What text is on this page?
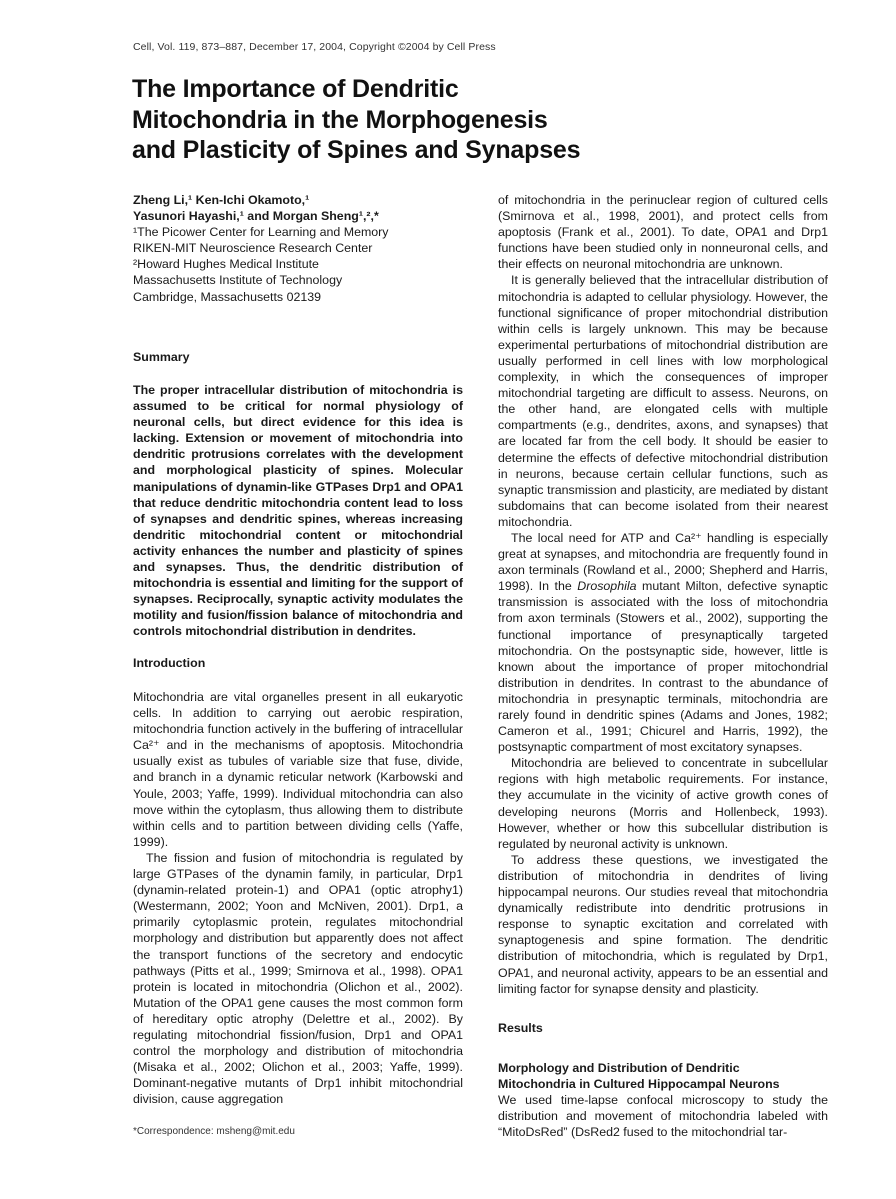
Cell, Vol. 119, 873–887, December 17, 2004, Copyright ©2004 by Cell Press
The Importance of Dendritic
Mitochondria in the Morphogenesis
and Plasticity of Spines and Synapses
Zheng Li,¹ Ken-Ichi Okamoto,¹
Yasunori Hayashi,¹ and Morgan Sheng¹,²,*
¹The Picower Center for Learning and Memory
RIKEN-MIT Neuroscience Research Center
²Howard Hughes Medical Institute
Massachusetts Institute of Technology
Cambridge, Massachusetts 02139
Summary

The proper intracellular distribution of mitochondria is assumed to be critical for normal physiology of neuronal cells, but direct evidence for this idea is lacking. Extension or movement of mitochondria into dendritic protrusions correlates with the development and morphological plasticity of spines. Molecular manipulations of dynamin-like GTPases Drp1 and OPA1 that reduce dendritic mitochondria content lead to loss of synapses and dendritic spines, whereas increasing dendritic mitochondrial content or mitochondrial activity enhances the number and plasticity of spines and synapses. Thus, the dendritic distribution of mitochondria is essential and limiting for the support of synapses. Reciprocally, synaptic activity modulates the motility and fusion/fission balance of mitochondria and controls mitochondrial distribution in dendrites.

Introduction

Mitochondria are vital organelles present in all eukaryotic cells. In addition to carrying out aerobic respiration, mitochondria function actively in the buffering of intracellular Ca²⁺ and in the mechanisms of apoptosis. Mitochondria usually exist as tubules of variable size that fuse, divide, and branch in a dynamic reticular network (Karbowski and Youle, 2003; Yaffe, 1999). Individual mitochondria can also move within the cytoplasm, thus allowing them to distribute within cells and to partition between dividing cells (Yaffe, 1999).

The fission and fusion of mitochondria is regulated by large GTPases of the dynamin family, in particular, Drp1 (dynamin-related protein-1) and OPA1 (optic atrophy1) (Westermann, 2002; Yoon and McNiven, 2001). Drp1, a primarily cytoplasmic protein, regulates mitochondrial morphology and distribution but apparently does not affect the transport functions of the secretory and endocytic pathways (Pitts et al., 1999; Smirnova et al., 1998). OPA1 protein is located in mitochondria (Olichon et al., 2002). Mutation of the OPA1 gene causes the most common form of hereditary optic atrophy (Delettre et al., 2002). By regulating mitochondrial fission/fusion, Drp1 and OPA1 control the morphology and distribution of mitochondria (Misaka et al., 2002; Olichon et al., 2003; Yaffe, 1999). Dominant-negative mutants of Drp1 inhibit mitochondrial division, cause aggregation

of mitochondria in the perinuclear region of cultured cells (Smirnova et al., 1998, 2001), and protect cells from apoptosis (Frank et al., 2001). To date, OPA1 and Drp1 functions have been studied only in nonneuronal cells, and their effects on neuronal mitochondria are unknown.

It is generally believed that the intracellular distribution of mitochondria is adapted to cellular physiology. However, the functional significance of proper mitochondrial distribution within cells is largely unknown. This may be because experimental perturbations of mitochondrial distribution are usually performed in cell lines with low morphological complexity, in which the consequences of improper mitochondrial targeting are difficult to assess. Neurons, on the other hand, are elongated cells with multiple compartments (e.g., dendrites, axons, and synapses) that are located far from the cell body. It should be easier to determine the effects of defective mitochondrial distribution in neurons, because certain cellular functions, such as synaptic transmission and plasticity, are mediated by distant subdomains that can become isolated from their nearest mitochondria.

The local need for ATP and Ca²⁺ handling is especially great at synapses, and mitochondria are frequently found in axon terminals (Rowland et al., 2000; Shepherd and Harris, 1998). In the Drosophila mutant Milton, defective synaptic transmission is associated with the loss of mitochondria from axon terminals (Stowers et al., 2002), supporting the functional importance of presynaptically targeted mitochondria. On the postsynaptic side, however, little is known about the importance of proper mitochondrial distribution in dendrites. In contrast to the abundance of mitochondria in presynaptic terminals, mitochondria are rarely found in dendritic spines (Adams and Jones, 1982; Cameron et al., 1991; Chicurel and Harris, 1992), the postsynaptic compartment of most excitatory synapses.

Mitochondria are believed to concentrate in subcellular regions with high metabolic requirements. For instance, they accumulate in the vicinity of active growth cones of developing neurons (Morris and Hollenbeck, 1993). However, whether or how this subcellular distribution is regulated by neuronal activity is unknown.

To address these questions, we investigated the distribution of mitochondria in dendrites of living hippocampal neurons. Our studies reveal that mitochondria dynamically redistribute into dendritic protrusions in response to synaptic excitation and correlated with synaptogenesis and spine formation. The dendritic distribution of mitochondria, which is regulated by Drp1, OPA1, and neuronal activity, appears to be an essential and limiting factor for synapse density and plasticity.

Results
Morphology and Distribution of Dendritic
Mitochondria in Cultured Hippocampal Neurons

We used time-lapse confocal microscopy to study the distribution and movement of mitochondria labeled with “MitoDsRed” (DsRed2 fused to the mitochondrial tar-

*Correspondence: msheng@mit.edu
